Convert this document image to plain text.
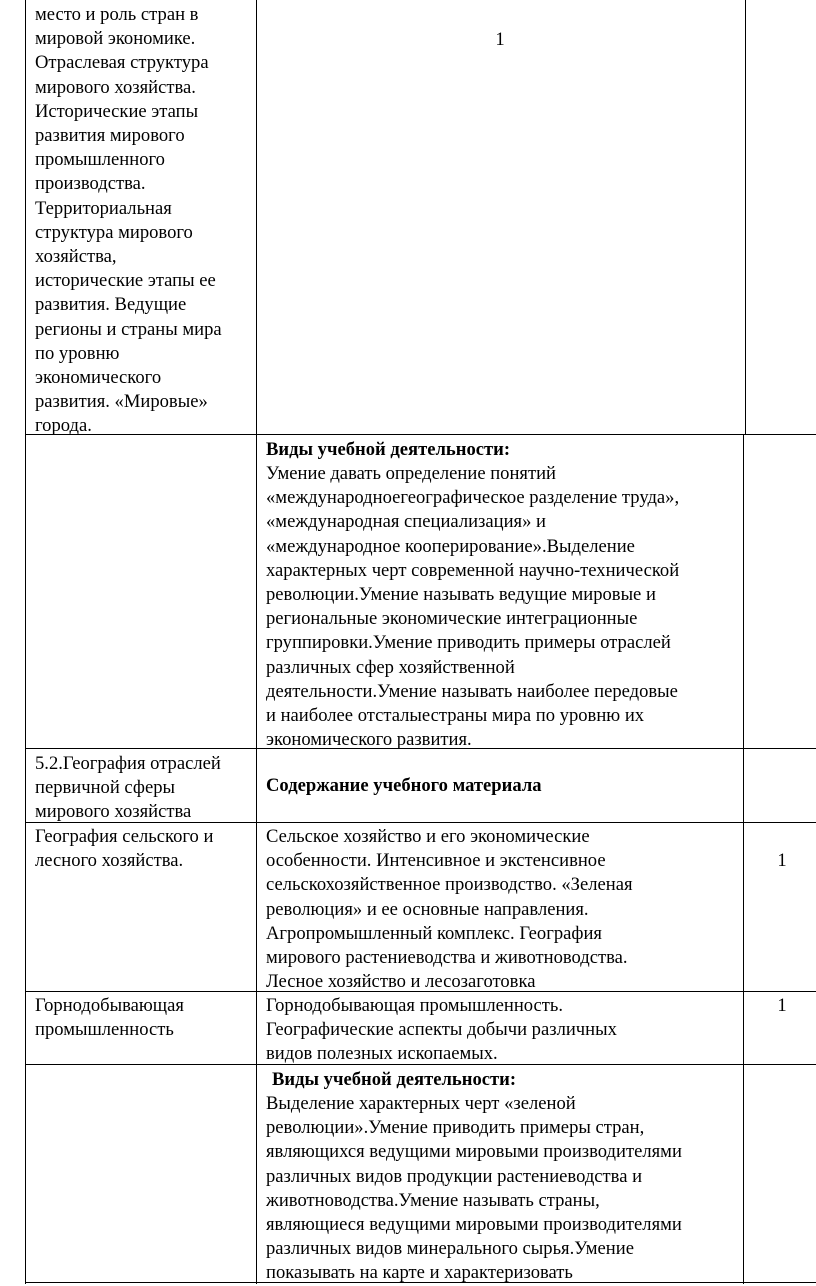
место и роль стран в
мировой экономике.
Отраслевая структура
мирового хозяйства.
Исторические этапы
развития мирового
промышленного
производства.
Территориальная
структура мирового
хозяйства,
исторические этапы ее
развития. Ведущие
регионы и страны мира
по уровню
экономического
развития. «Мировые»
города.
1
Виды учебной деятельности:
Умение давать определение понятий
«международноегеографическое разделение труда»,
«международная специализация» и
«международное кооперирование».Выделение
характерных черт современной научно-технической
революции.Умение называть ведущие мировые и
региональные экономические интеграционные
группировки.Умение приводить примеры отраслей
различных сфер хозяйственной
деятельности.Умение называть наиболее передовые
и наиболее отсталыестраны мира по уровню их
экономического развития.
5.2.География отраслей
первичной сферы
мирового хозяйства
Содержание учебного материала
География сельского и
лесного хозяйства.
Сельское хозяйство и его экономические
особенности. Интенсивное и экстенсивное
сельскохозяйственное производство. «Зеленая
революция» и ее основные направления.
Агропромышленный комплекс. География
мирового растениеводства и животноводства.
Лесное хозяйство и лесозаготовка
1
Горнодобывающая
промышленность
Горнодобывающая промышленность.
Географические аспекты добычи различных
видов полезных ископаемых.
1
Виды учебной деятельности:
Выделение характерных черт «зеленой
революции».Умение приводить примеры стран,
являющихся ведущими мировыми производителями
различных видов продукции растениеводства и
животноводства.Умение называть страны,
являющиеся ведущими мировыми производителями
различных видов минерального сырья.Умение
показывать на карте и характеризовать
